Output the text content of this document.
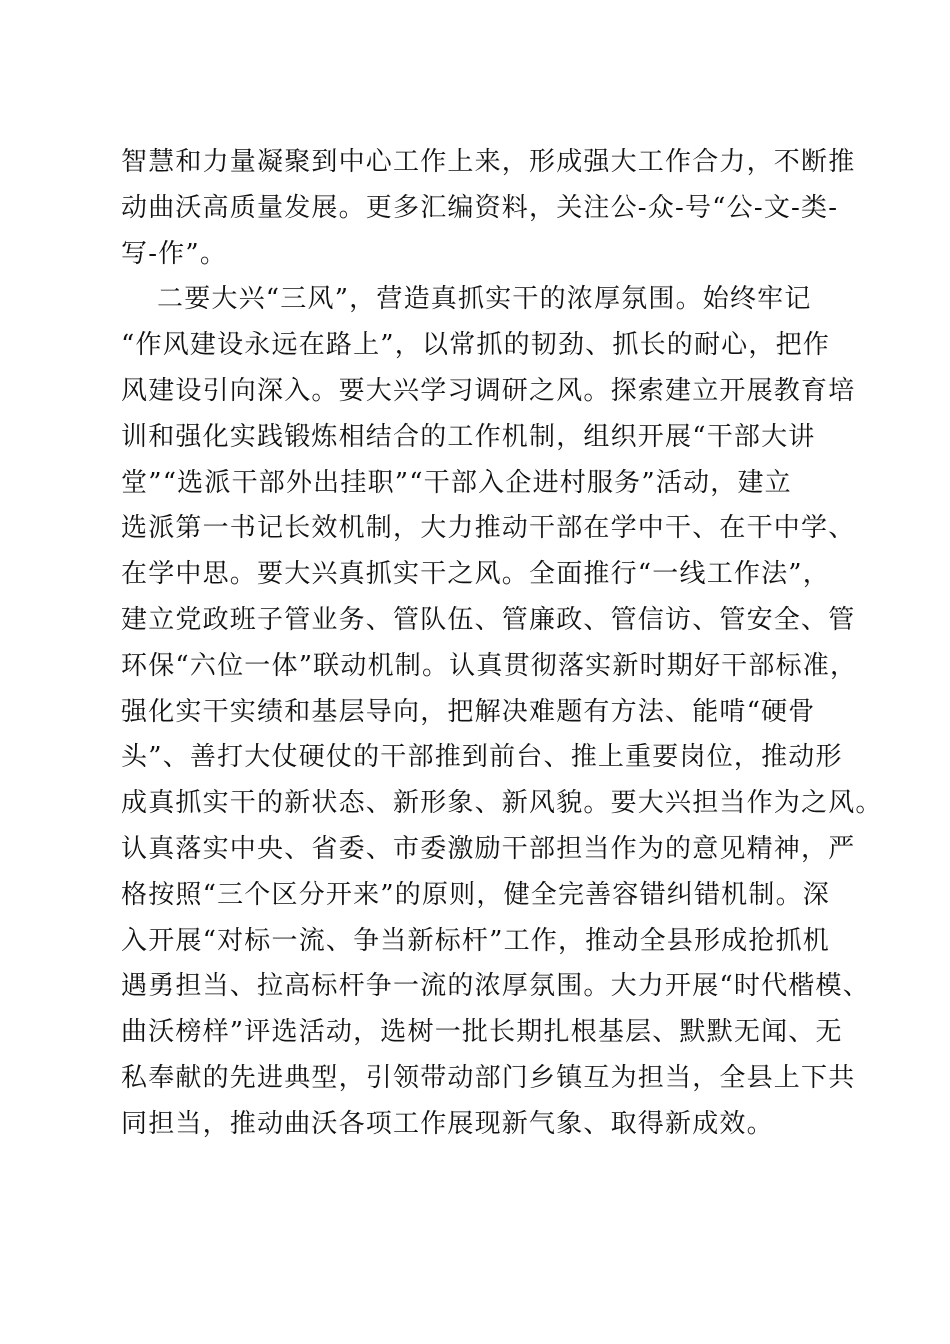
智慧和力量凝聚到中心工作上来，形成强大工作合力，不断推
动曲沃高质量发展。更多汇编资料，关注公-众-号“公-文-类-
写-作”。
二要大兴“三风”，营造真抓实干的浓厚氛围。始终牢记
“作风建设永远在路上”，以常抓的韧劲、抓长的耐心，把作
风建设引向深入。要大兴学习调研之风。探索建立开展教育培
训和强化实践锻炼相结合的工作机制，组织开展“干部大讲
堂”“选派干部外出挂职”“干部入企进村服务”活动，建立
选派第一书记长效机制，大力推动干部在学中干、在干中学、
在学中思。要大兴真抓实干之风。全面推行“一线工作法”，
建立党政班子管业务、管队伍、管廉政、管信访、管安全、管
环保“六位一体”联动机制。认真贯彻落实新时期好干部标准，
强化实干实绩和基层导向，把解决难题有方法、能啃“硬骨
头”、善打大仗硬仗的干部推到前台、推上重要岗位，推动形
成真抓实干的新状态、新形象、新风貌。要大兴担当作为之风。
认真落实中央、省委、市委激励干部担当作为的意见精神，严
格按照“三个区分开来”的原则，健全完善容错纠错机制。深
入开展“对标一流、争当新标杆”工作，推动全县形成抢抓机
遇勇担当、拉高标杆争一流的浓厚氛围。大力开展“时代楷模、
曲沃榜样”评选活动，选树一批长期扎根基层、默默无闻、无
私奉献的先进典型，引领带动部门乡镇互为担当，全县上下共
同担当，推动曲沃各项工作展现新气象、取得新成效。
